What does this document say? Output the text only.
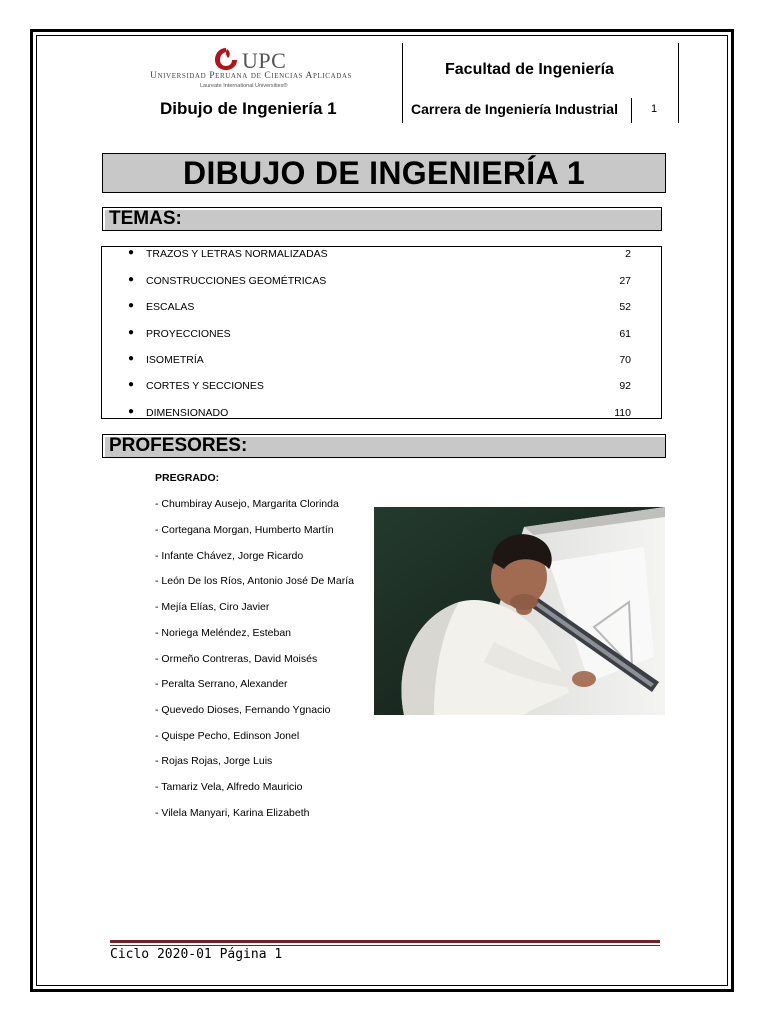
UPC
Universidad Peruana de Ciencias Aplicadas
Laureate International Universities®
Dibujo de Ingeniería 1
Facultad de Ingeniería
Carrera de Ingeniería Industrial	1
DIBUJO DE INGENIERÍA 1
TEMAS:
● TRAZOS Y LETRAS NORMALIZADAS	2
● CONSTRUCCIONES GEOMÉTRICAS	27
● ESCALAS	52
● PROYECCIONES	61
● ISOMETRÍA	70
● CORTES Y SECCIONES	92
● DIMENSIONADO	110
PROFESORES:
PREGRADO:
- Chumbiray Ausejo, Margarita Clorinda
- Cortegana Morgan, Humberto Martín
- Infante Chávez, Jorge Ricardo
- León De los Ríos, Antonio José De María
- Mejía Elías, Ciro Javier
- Noriega Meléndez, Esteban
- Ormeño Contreras, David Moisés
- Peralta Serrano, Alexander
- Quevedo Dioses, Fernando Ygnacio
- Quispe Pecho, Edinson Jonel
- Rojas Rojas, Jorge Luis
- Tamariz Vela, Alfredo Mauricio
- Vilela Manyari, Karina Elizabeth
Ciclo 2020-01 Página 1
